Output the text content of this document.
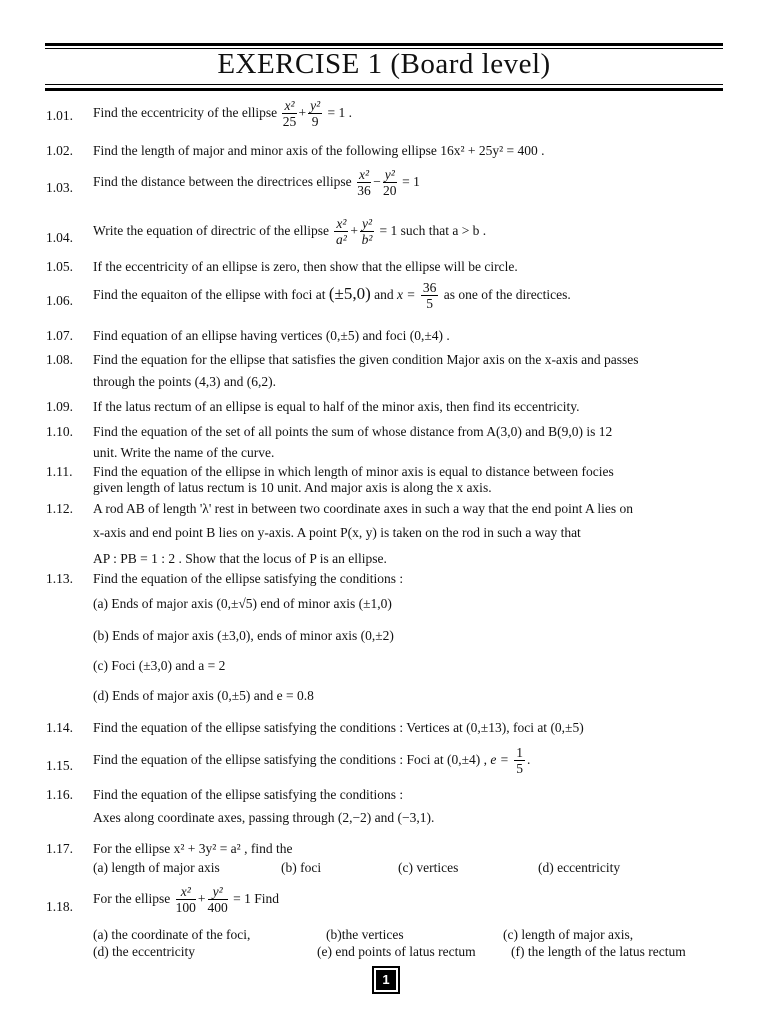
EXERCISE 1 (Board level)
1.01.	Find the eccentricity of the ellipse $\frac{\text{x²}}{25} + \frac{\text{y²}}{9} = 1$ .
1.02.	Find the length of major and minor axis of the following ellipse 16x² + 25y² = 400 .
1.03.	Find the distance between the directrices ellipse $\frac{\text{x²}}{36} - \frac{\text{y²}}{20} = 1$
1.04.	Write the equation of directric of the ellipse $\frac{\text{x²}}{\text{a²}} + \frac{\text{y²}}{\text{b²}} = 1$ such that a > b .
1.05.	If the eccentricity of an ellipse is zero, then show that the ellipse will be circle.
1.06.	Find the equaiton of the ellipse with foci at (±5,0) and $x = \frac{36}{5}$ as one of the directices.
1.07.	Find equation of an ellipse having vertices (0,±5) and foci (0,±4) .
1.08.	Find the equation for the ellipse that satisfies the given condition Major axis on the x-axis and passes
through the points (4,3) and (6,2).
1.09.	If the latus rectum of an ellipse is equal to half of the minor axis, then find its eccentricity.
1.10.	Find the equation of the set of all points the sum of whose distance from A(3,0) and B(9,0) is 12
unit. Write the name of the curve.
1.11.	Find the equation of the ellipse in which length of minor axis is equal to distance between focies
given length of latus rectum is 10 unit. And major axis is along the x axis.
1.12.	A rod AB of length 'λ' rest in between two coordinate axes in such a way that the end point A lies on
x-axis and end point B lies on y-axis. A point P(x, y) is taken on the rod in such a way that
AP : PB = 1 : 2 . Show that the locus of P is an ellipse.
1.13.	Find the equation of the ellipse satisfying the conditions :
(a) Ends of major axis (0,±√5) end of minor axis (±1,0)
(b) Ends of major axis (±3,0), ends of minor axis (0,±2)
(c) Foci (±3,0) and a = 2
(d) Ends of major axis (0,±5) and e = 0.8
1.14.	Find the equation of the ellipse satisfying the conditions : Vertices at (0,±13), foci at (0,±5)
1.15.	Find the equation of the ellipse satisfying the conditions : Foci at (0,±4) , $e = \frac{1}{5}$ .
1.16.	Find the equation of the ellipse satisfying the conditions :
Axes along coordinate axes, passing through (2,−2) and (−3,1).
1.17.	For the ellipse x² + 3y² = a² , find the
(a) length of major axis	(b) foci	(c) vertices	(d) eccentricity
1.18.
For the ellipse $\frac{\text{x²}}{100} + \frac{\text{y²}}{400} = 1$ Find
(a) the coordinate of the foci,	(b)the vertices	(c) length of major axis,
(d) the eccentricity	(e) end points of latus rectum	(f) the length of the latus rectum
1
